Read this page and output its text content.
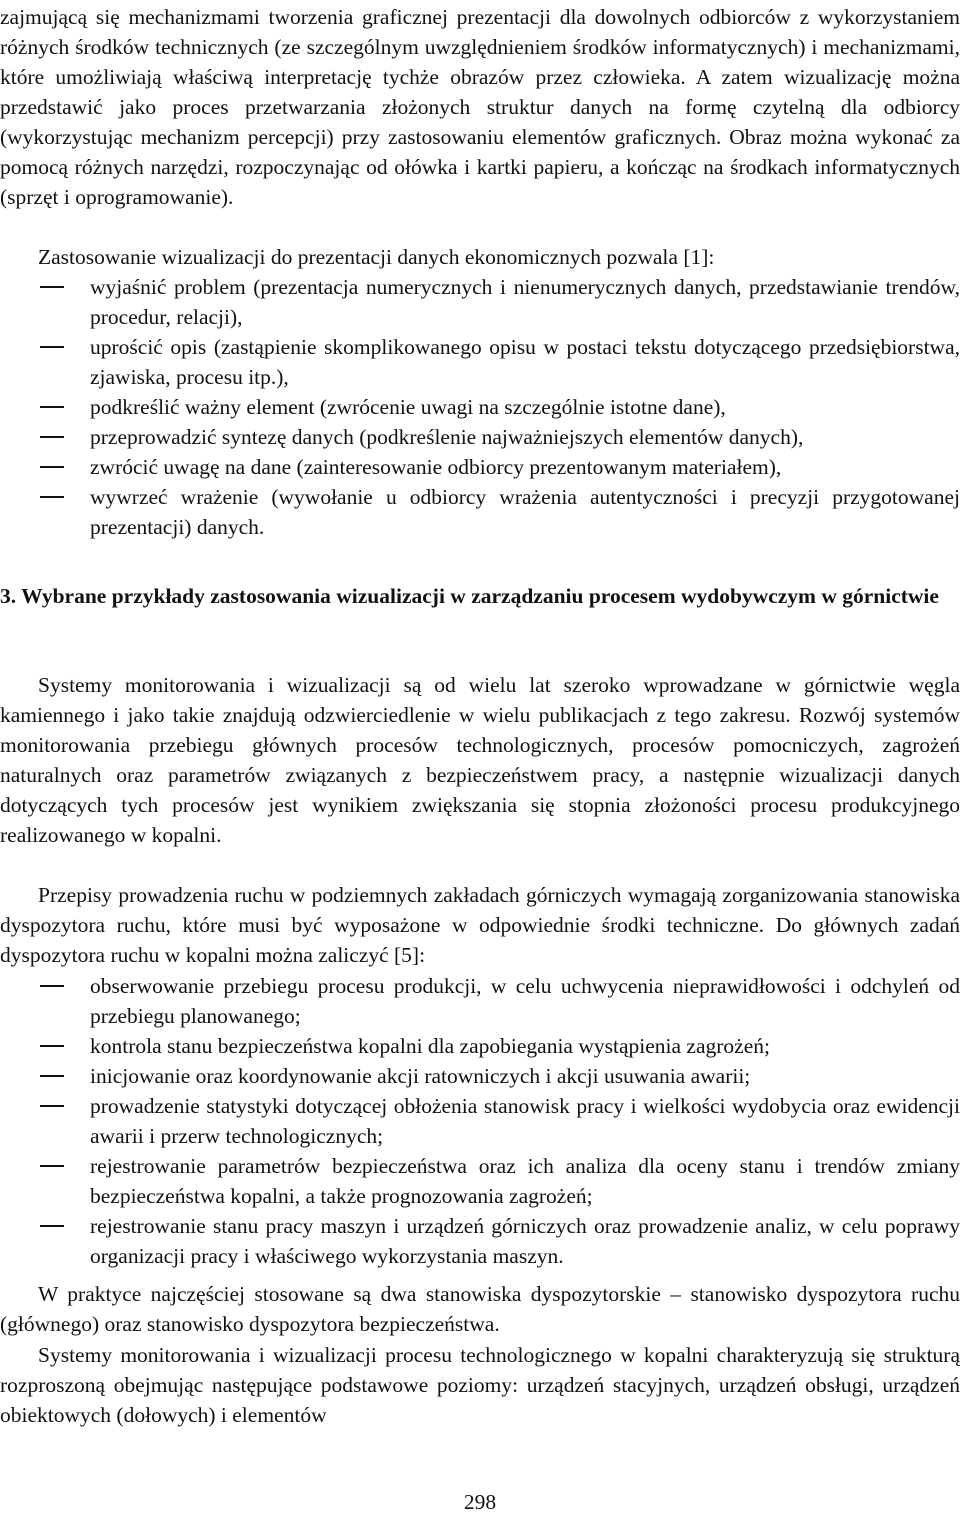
zajmującą się mechanizmami tworzenia graficznej prezentacji dla dowolnych odbiorców z wykorzystaniem różnych środków technicznych (ze szczególnym uwzględnieniem środków informatycznych) i mechanizmami, które umożliwiają właściwą interpretację tychże obrazów przez człowieka. A zatem wizualizację można przedstawić jako proces przetwarzania złożonych struktur danych na formę czytelną dla odbiorcy (wykorzystując mechanizm percepcji) przy zastosowaniu elementów graficznych. Obraz można wykonać za pomocą różnych narzędzi, rozpoczynając od ołówka i kartki papieru, a kończąc na środkach informatycznych (sprzęt i oprogramowanie).

Zastosowanie wizualizacji do prezentacji danych ekonomicznych pozwala [1]:

wyjaśnić problem (prezentacja numerycznych i nienumerycznych danych, przedstawianie trendów, procedur, relacji),
uprościć opis (zastąpienie skomplikowanego opisu w postaci tekstu dotyczącego przedsiębiorstwa, zjawiska, procesu itp.),
podkreślić ważny element (zwrócenie uwagi na szczególnie istotne dane),
przeprowadzić syntezę danych (podkreślenie najważniejszych elementów danych),
zwrócić uwagę na dane (zainteresowanie odbiorcy prezentowanym materiałem),
wywrzeć wrażenie (wywołanie u odbiorcy wrażenia autentyczności i precyzji przygotowanej prezentacji) danych.
3. Wybrane przykłady zastosowania wizualizacji w zarządzaniu procesem wydobywczym w górnictwie

Systemy monitorowania i wizualizacji są od wielu lat szeroko wprowadzane w górnictwie węgla kamiennego i jako takie znajdują odzwierciedlenie w wielu publikacjach z tego zakresu. Rozwój systemów monitorowania przebiegu głównych procesów technologicznych, procesów pomocniczych, zagrożeń naturalnych oraz parametrów związanych z bezpieczeństwem pracy, a następnie wizualizacji danych dotyczących tych procesów jest wynikiem zwiększania się stopnia złożoności procesu produkcyjnego realizowanego w kopalni.

Przepisy prowadzenia ruchu w podziemnych zakładach górniczych wymagają zorganizowania stanowiska dyspozytora ruchu, które musi być wyposażone w odpowiednie środki techniczne. Do głównych zadań dyspozytora ruchu w kopalni można zaliczyć [5]:

obserwowanie przebiegu procesu produkcji, w celu uchwycenia nieprawidłowości i odchyleń od przebiegu planowanego;
kontrola stanu bezpieczeństwa kopalni dla zapobiegania wystąpienia zagrożeń;
inicjowanie oraz koordynowanie akcji ratowniczych i akcji usuwania awarii;
prowadzenie statystyki dotyczącej obłożenia stanowisk pracy i wielkości wydobycia oraz ewidencji awarii i przerw technologicznych;
rejestrowanie parametrów bezpieczeństwa oraz ich analiza dla oceny stanu i trendów zmiany bezpieczeństwa kopalni, a także prognozowania zagrożeń;
rejestrowanie stanu pracy maszyn i urządzeń górniczych oraz prowadzenie analiz, w celu poprawy organizacji pracy i właściwego wykorzystania maszyn.

W praktyce najczęściej stosowane są dwa stanowiska dyspozytorskie – stanowisko dyspozytora ruchu (głównego) oraz stanowisko dyspozytora bezpieczeństwa.

Systemy monitorowania i wizualizacji procesu technologicznego w kopalni charakteryzują się strukturą rozproszoną obejmując następujące podstawowe poziomy: urządzeń stacyjnych, urządzeń obsługi, urządzeń obiektowych (dołowych) i elementów

298
